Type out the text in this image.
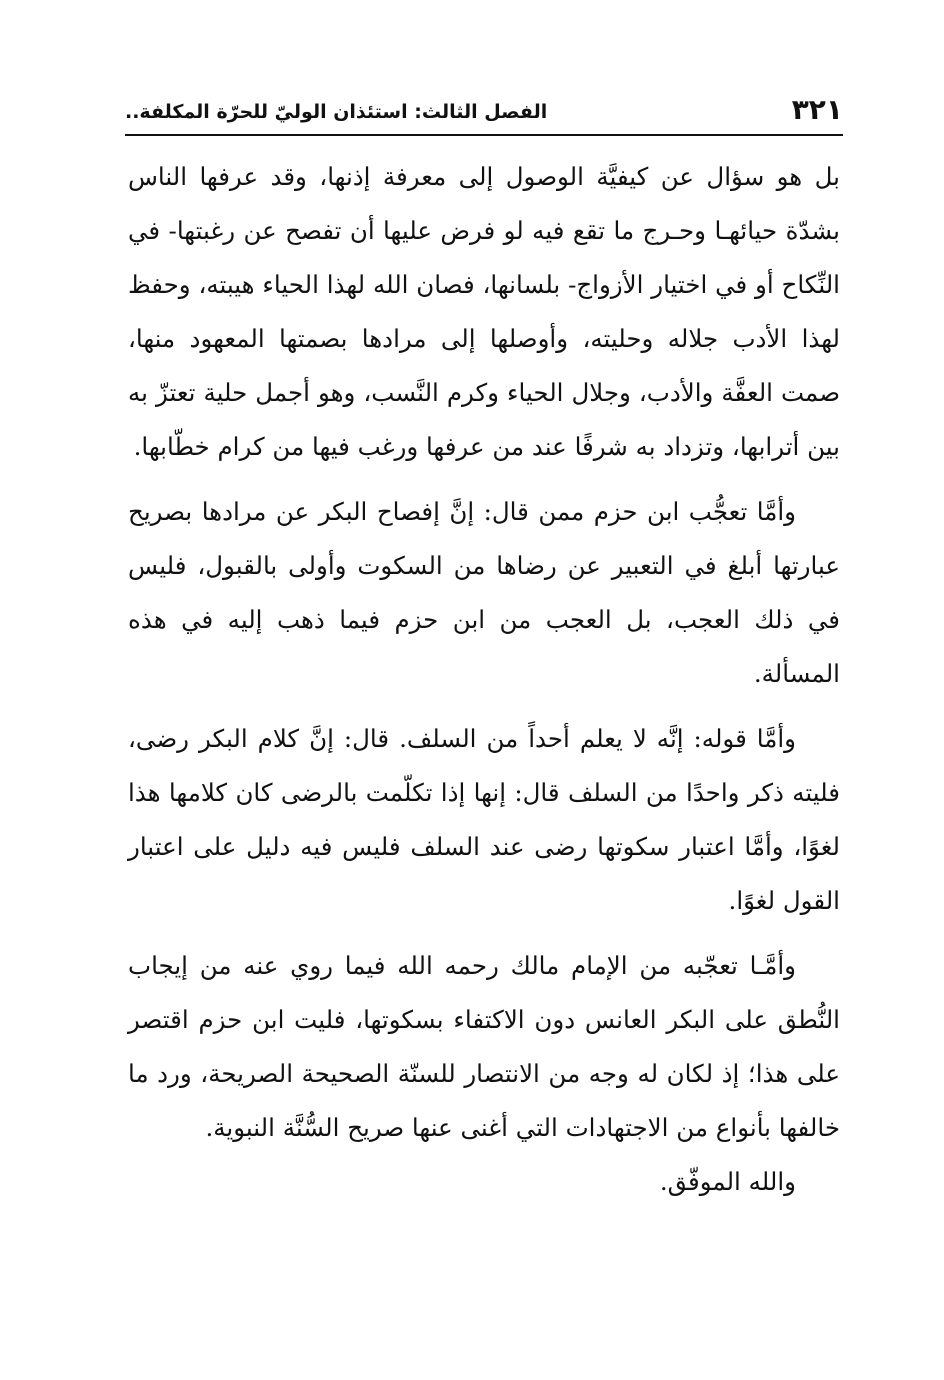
٣٢١
الفصل الثالث: استئذان الوليّ للحرّة المكلفة..

بل هو سؤال عن كيفيَّة الوصول إلى معرفة إذنها، وقد عرفها الناس بشدّة حيائهـا وحـرج ما تقع فيه لو فرض عليها أن تفصح عن رغبتها- في النِّكاح أو في اختيار الأزواج- بلسانها، فصان الله لهذا الحياء هيبته، وحفظ لهذا الأدب جلاله وحليته، وأوصلها إلى مرادها بصمتها المعهود منها، صمت العفَّة والأدب، وجلال الحياء وكرم النَّسب، وهو أجمل حلية تعتزّ به بين أترابها، وتزداد به شرفًا عند من عرفها ورغب فيها من كرام خطّابها.

وأمَّا تعجُّب ابن حزم ممن قال: إنَّ إفصاح البكر عن مرادها بصريح عبارتها أبلغ في التعبير عن رضاها من السكوت وأولى بالقبول، فليس في ذلك العجب، بل العجب من ابن حزم فيما ذهب إليه في هذه المسألة.

وأمَّا قوله: إنَّه لا يعلم أحداً من السلف. قال: إنَّ كلام البكر رضى، فليته ذكر واحدًا من السلف قال: إنها إذا تكلّمت بالرضى كان كلامها هذا لغوًا، وأمَّا اعتبار سكوتها رضى عند السلف فليس فيه دليل على اعتبار القول لغوًا.

وأمَّـا تعجّبه من الإمام مالك رحمه الله فيما روي عنه من إيجاب النُّطق على البكر العانس دون الاكتفاء بسكوتها، فليت ابن حزم اقتصر على هذا؛ إذ لكان له وجه من الانتصار للسنّة الصحيحة الصريحة، ورد ما خالفها بأنواع من الاجتهادات التي أغنى عنها صريح السُّنَّة النبوية.

والله الموفّق.
